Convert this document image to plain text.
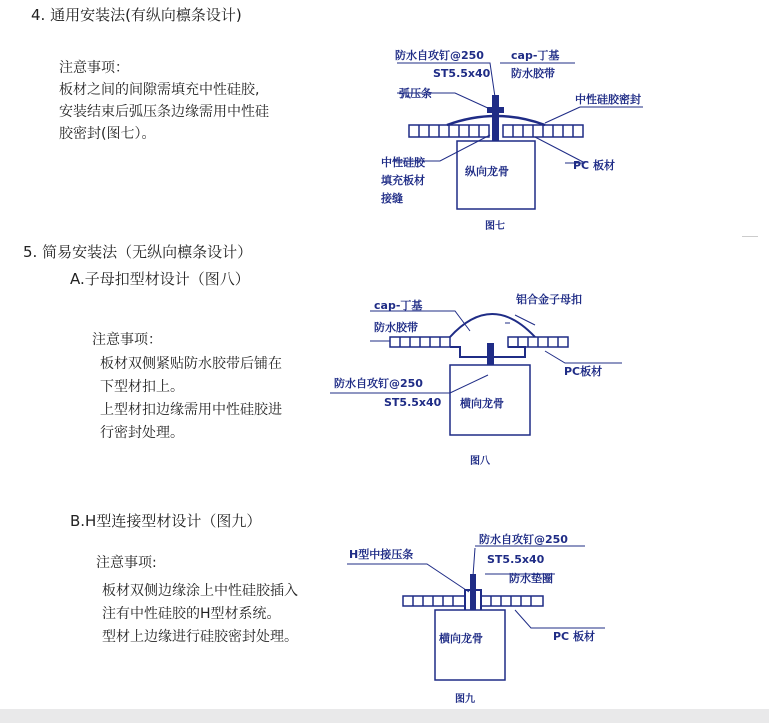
4. 通用安装法(有纵向檩条设计)
注意事项：
板材之间的间隙需填充中性硅胶,
安装结束后弧压条边缘需用中性硅
胶密封(图七）。
防水自攻钉@250
ST5.5x40
cap-丁基
防水胶带
弧压条	中性硅胶密封
中性硅胶
填充板材
接缝
纵向龙骨	PC 板材
图七
5. 简易安装法（无纵向檩条设计）
A.子母扣型材设计（图八）
注意事项：
板材双侧紧贴防水胶带后铺在
下型材扣上。
上型材扣边缘需用中性硅胶进
行密封处理。
cap-丁基
防水胶带
铝合金子母扣
PC板材
防水自攻钉@250
ST5.5x40 横向龙骨
图八
B.H型连接型材设计（图九）
注意事项:
板材双侧边缘涂上中性硅胶插入
注有中性硅胶的H型材系统。
型材上边缘进行硅胶密封处理。
H型中接压条
防水自攻钉@250
ST5.5x40
防水垫圈
横向龙骨	PC 板材
图九
